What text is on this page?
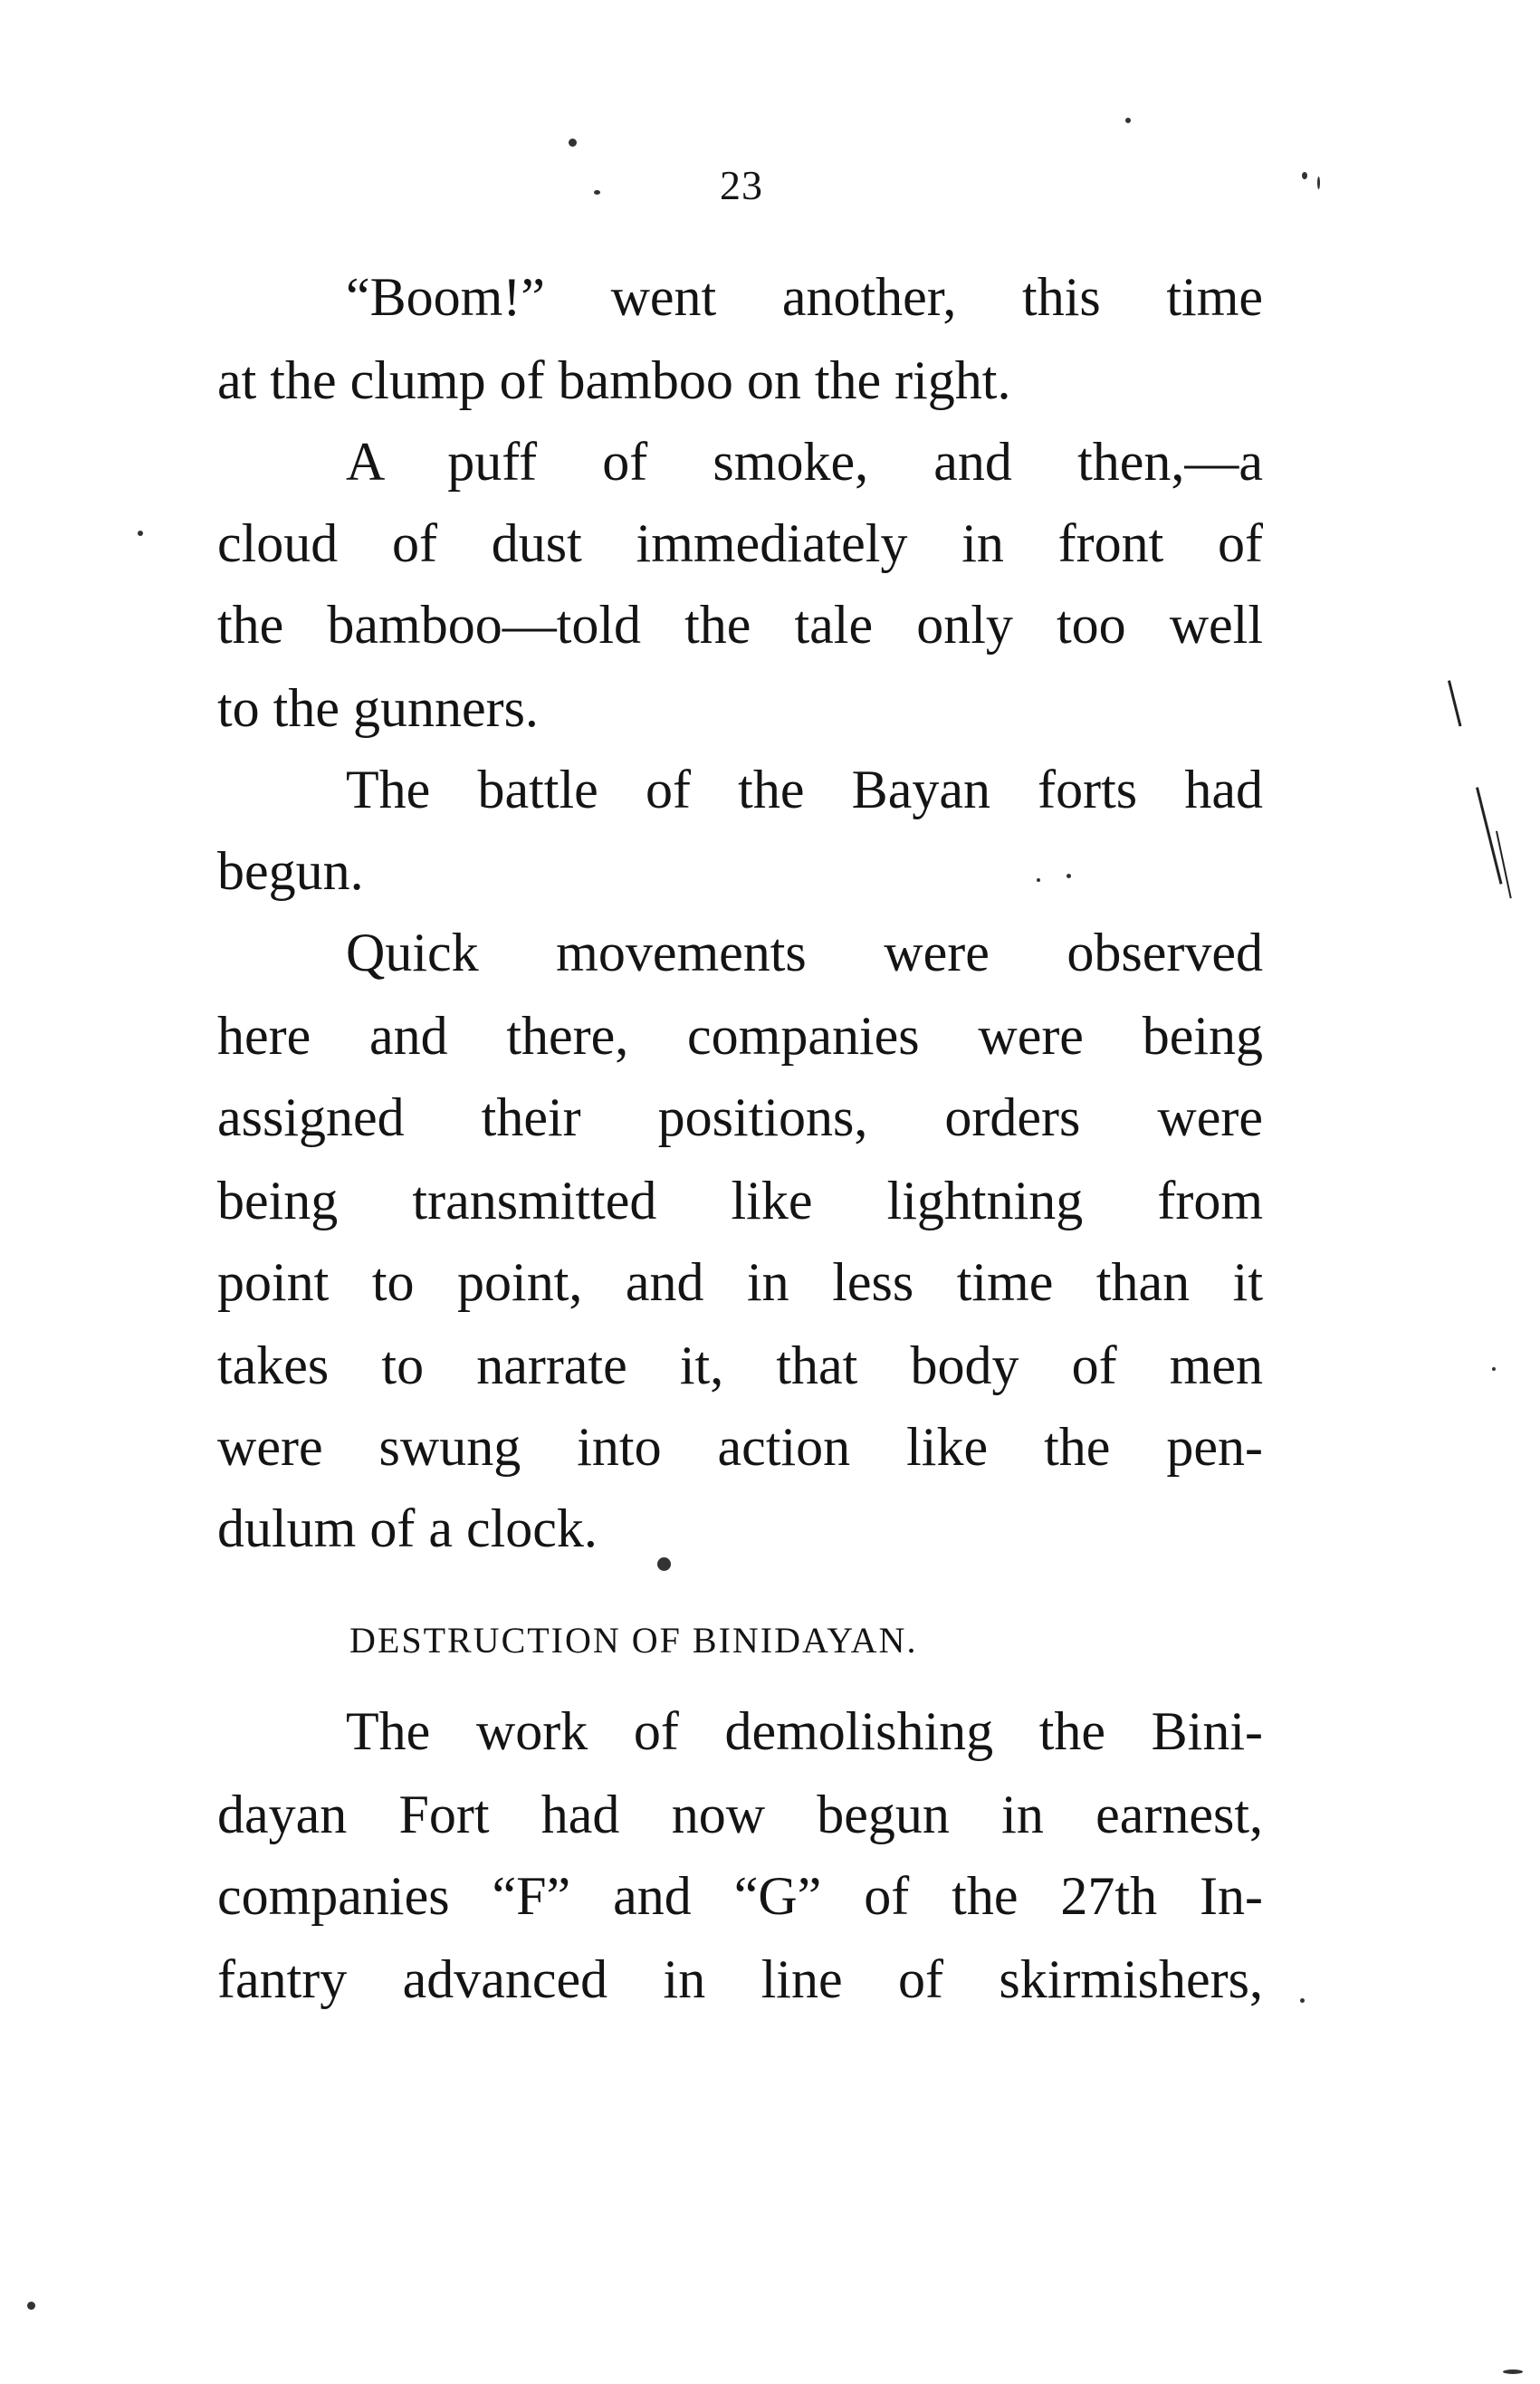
23
“Boom!” went another, this time
at the clump of bamboo on the right.
A puff of smoke, and then,—a
cloud of dust immediately in front of
the bamboo—told the tale only too well
to the gunners.
The battle of the Bayan forts had
begun.
Quick movements were observed
here and there, companies were being
assigned their positions, orders were
being transmitted like lightning from
point to point, and in less time than it
takes to narrate it, that body of men
were swung into action like the pen-
dulum of a clock.
The work of demolishing the Bini-
dayan Fort had now begun in earnest,
companies “F” and “G” of the 27th In-
fantry advanced in line of skirmishers,
DESTRUCTION OF BINIDAYAN.
